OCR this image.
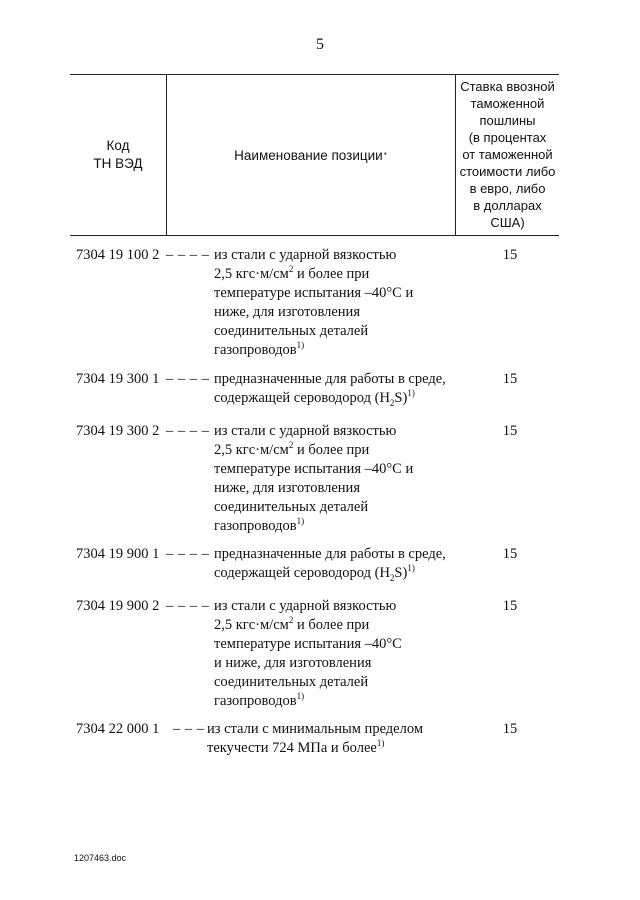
5
Код
ТН ВЭД
Наименование позиции *
Ставка ввозной
таможенной
пошлины
(в процентах
от таможенной
стоимости либо
в евро, либо
в долларах
США)
7304 19 100 2 – – – – из стали с ударной вязкостью
2,5 $кгс\cdot м/см^2$ и более при
температуре испытания –40°С и
ниже, для изготовления
соединительных деталей
газопроводов$^{1)}$
15
7304 19 300 1 – – – – предназначенные для работы в среде,
содержащей сероводород $(H_2S)^{1)}$
15
7304 19 300 2 – – – – из стали с ударной вязкостью
2,5 $кгс\cdot м/см^2$ и более при
температуре испытания –40°С и
ниже, для изготовления
соединительных деталей
газопроводов$^{1)}$
15
7304 19 900 1 – – – – предназначенные для работы в среде,
содержащей сероводород $(H_2S)^{1)}$
15
7304 19 900 2 – – – – из стали с ударной вязкостью
2,5 $кгс\cdot м/см^2$ и более при
температуре испытания –40°С
и ниже, для изготовления
соединительных деталей
газопроводов$^{1)}$
15
7304 22 000 1 – – – из стали с минимальным пределом
текучести 724 МПа и более$^{1)}$
15
1207463.doc
